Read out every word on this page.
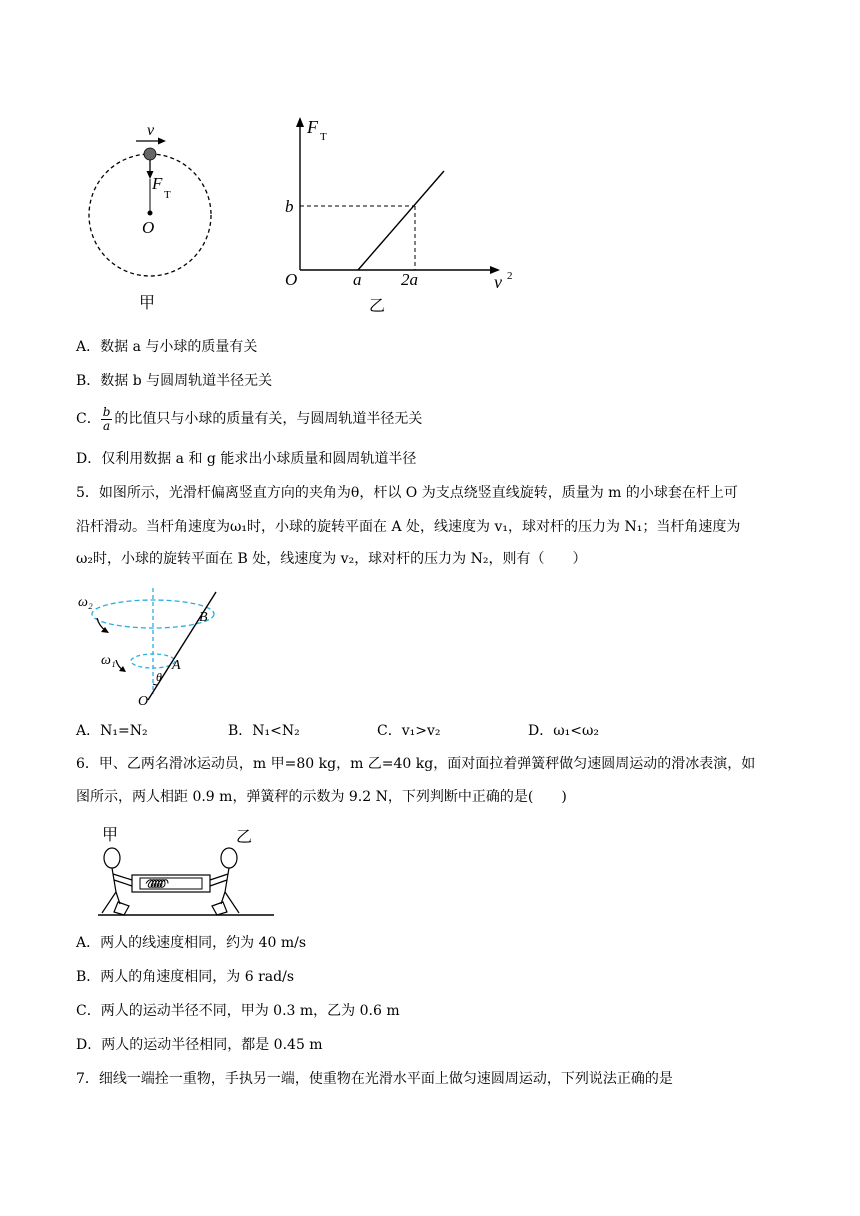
v
F
T
O
甲
F T
b
O	a 2a	v 2
乙
A．数据 a 与小球的质量有关
B．数据 b 与圆周轨道半径无关
C． $\frac{b}{a}$ 的比值只与小球的质量有关，与圆周轨道半径无关
D．仅利用数据 a 和 g 能求出小球质量和圆周轨道半径
5．如图所示，光滑杆偏离竖直方向的夹角为θ，杆以 O 为支点绕竖直线旋转，质量为 m 的小球套在杆上可
沿杆滑动。当杆角速度为ω₁时，小球的旋转平面在 A 处，线速度为 v₁，球对杆的压力为 N₁；当杆角速度为
ω₂时，小球的旋转平面在 B 处，线速度为 v₂，球对杆的压力为 N₂，则有（　　）
ω₂
ω₁
B
A
θ
O
A．N₁=N₂	B．N₁<N₂	C．v₁>v₂	D．ω₁<ω₂
6．甲、乙两名滑冰运动员，m 甲=80 kg，m 乙=40 kg，面对面拉着弹簧秤做匀速圆周运动的滑冰表演，如
图所示，两人相距 0.9 m，弹簧秤的示数为 9.2 N，下列判断中正确的是(　　)
甲	乙
A．两人的线速度相同，约为 40 m/s
B．两人的角速度相同，为 6 rad/s
C．两人的运动半径不同，甲为 0.3 m，乙为 0.6 m
D．两人的运动半径相同，都是 0.45 m
7．细线一端拴一重物，手执另一端，使重物在光滑水平面上做匀速圆周运动，下列说法正确的是
